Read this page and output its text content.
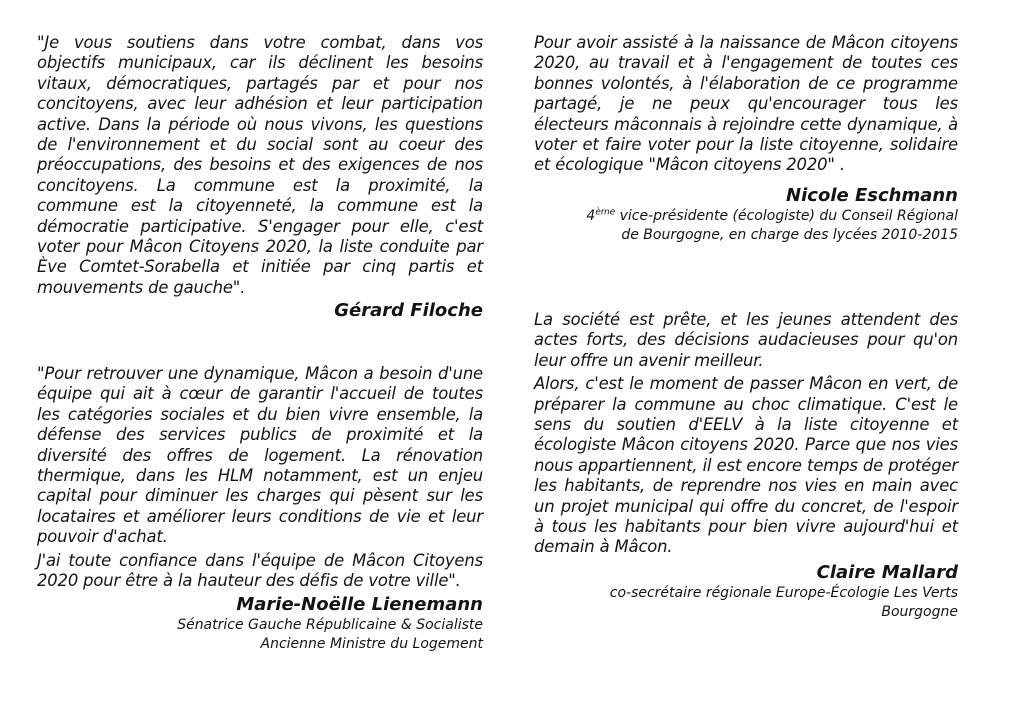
"Je vous soutiens dans votre combat, dans vos objectifs municipaux, car ils déclinent les besoins vitaux, démocratiques, partagés par et pour nos concitoyens, avec leur adhésion et leur participation active. Dans la période où nous vivons, les questions de l'environnement et du social sont au coeur des préoccupations, des besoins et des exigences de nos concitoyens. La commune est la proximité, la commune est la citoyenneté, la commune est la démocratie participative. S'engager pour elle, c'est voter pour Mâcon Citoyens 2020, la liste conduite par Ève Comtet-Sorabella et initiée par cinq partis et mouvements de gauche".

Gérard Filoche

"Pour retrouver une dynamique, Mâcon a besoin d'une équipe qui ait à cœur de garantir l'accueil de toutes les catégories sociales et du bien vivre ensemble, la défense des services publics de proximité et la diversité des offres de logement. La rénovation thermique, dans les HLM notamment, est un enjeu capital pour diminuer les charges qui pèsent sur les locataires et améliorer leurs conditions de vie et leur pouvoir d'achat.

J'ai toute confiance dans l'équipe de Mâcon Citoyens 2020 pour être à la hauteur des défis de votre ville".

Marie-Noëlle Lienemann

Sénatrice Gauche Républicaine & Socialiste

Ancienne Ministre du Logement

Pour avoir assisté à la naissance de Mâcon citoyens 2020, au travail et à l'engagement de toutes ces bonnes volontés, à l'élaboration de ce programme partagé, je ne peux qu'encourager tous les électeurs mâconnais à rejoindre cette dynamique, à voter et faire voter pour la liste citoyenne, solidaire et écologique "Mâcon citoyens 2020" .

Nicole Eschmann

4ème vice-présidente (écologiste) du Conseil Régional

de Bourgogne, en charge des lycées 2010-2015

La société est prête, et les jeunes attendent des actes forts, des décisions audacieuses pour qu'on leur offre un avenir meilleur.

Alors, c'est le moment de passer Mâcon en vert, de préparer la commune au choc climatique. C'est le sens du soutien d'EELV à la liste citoyenne et écologiste Mâcon citoyens 2020. Parce que nos vies nous appartiennent, il est encore temps de protéger les habitants, de reprendre nos vies en main avec un projet municipal qui offre du concret, de l'espoir à tous les habitants pour bien vivre aujourd'hui et demain à Mâcon.

Claire Mallard

co-secrétaire régionale Europe-Écologie Les Verts

Bourgogne
